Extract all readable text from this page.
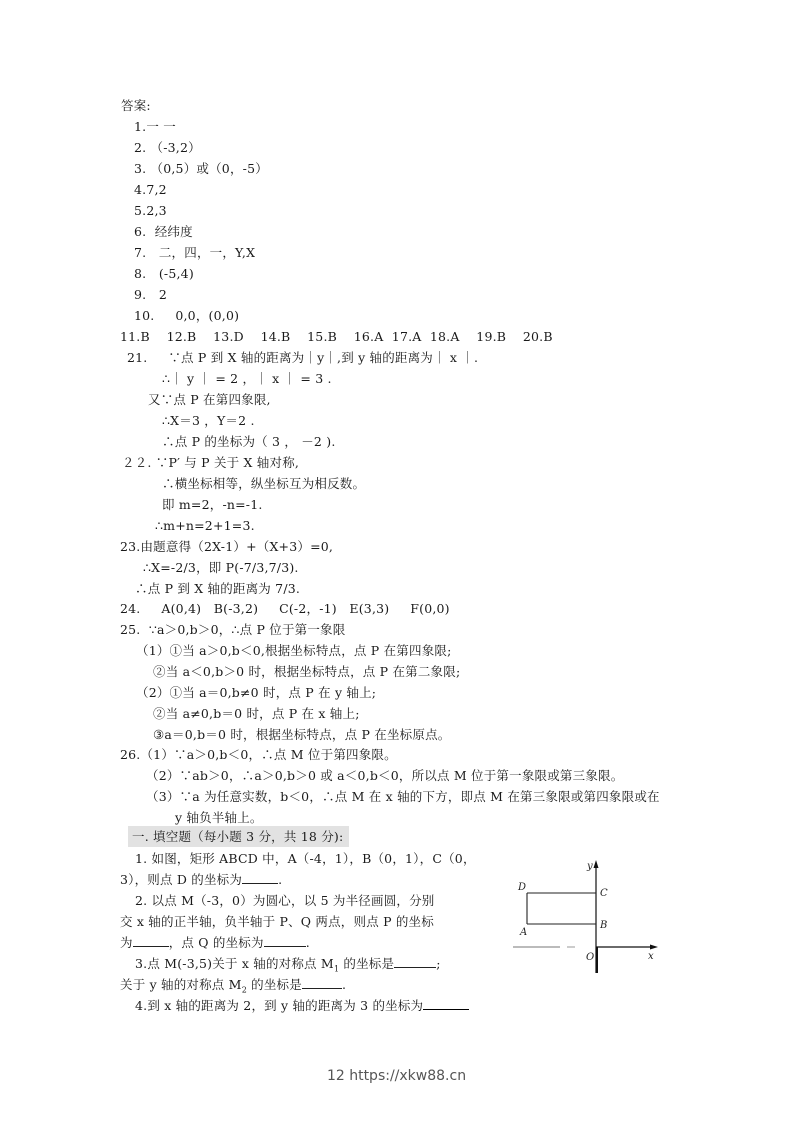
答案:
1.一 一
2. （-3,2）
3. （0,5）或（0，-5）
4.7,2
5.2,3
6. 经纬度
7. 二，四，一，Y,X
8. (-5,4)
9. 2
10. 0,0，(0,0)
11.B 12.B 13.D 14.B 15.B 16.A 17.A 18.A 19.B 20.B
21. ∵点 P 到 X 轴的距离为｜y｜,到 y 轴的距离为｜ x ｜.
∴｜ y ｜ = 2 ，｜ x ｜ = 3 .
又∵点 P 在第四象限,
∴X＝3 ，Y＝2 .
∴点 P 的坐标为（ 3 ， －2 ).
２２. ∵P′ 与 P 关于 X 轴对称,
∴横坐标相等，纵坐标互为相反数。
即 m=2，-n=-1.
∴m+n=2+1=3.
23.由题意得（2X-1）+（X+3）=0,
∴X=-2/3，即 P(-7/3,7/3).
∴点 P 到 X 轴的距离为 7/3.
24. A(0,4) B(-3,2) C(-2，-1) E(3,3) F(0,0)
25. ∵a＞0,b＞0，∴点 P 位于第一象限
（1）①当 a＞0,b＜0,根据坐标特点，点 P 在第四象限;
②当 a＜0,b＞0 时，根据坐标特点，点 P 在第二象限;
（2）①当 a＝0,b≠0 时，点 P 在 y 轴上;
②当 a≠0,b＝0 时，点 P 在 x 轴上;
③a＝0,b＝0 时，根据坐标特点，点 P 在坐标原点。
26.（1）∵a＞0,b＜0，∴点 M 位于第四象限。
（2）∵ab＞0，∴a＞0,b＞0 或 a＜0,b＜0，所以点 M 位于第一象限或第三象限。
（3）∵a 为任意实数，b＜0，∴点 M 在 x 轴的下方，即点 M 在第三象限或第四象限或在
y 轴负半轴上。
一. 填空题（每小题 3 分，共 18 分):
1. 如图，矩形 ABCD 中，A（-4，1），B（0，1），C（0，
3），则点 D 的坐标为	.
2. 以点 M（-3，0）为圆心，以 5 为半径画圆，分别
交 x 轴的正半轴，负半轴于 P、Q 两点，则点 P 的坐标
为	，点 Q 的坐标为	.
3.点 M(-3,5)关于 x 轴的对称点 $M_1$ 的坐标是	;
关于 y 轴的对称点 $M_2$ 的坐标是	.
4.到 x 轴的距离为 2，到 y 轴的距离为 3 的坐标为
D
C
A
B
O	x
y
12 https://xkw88.cn
